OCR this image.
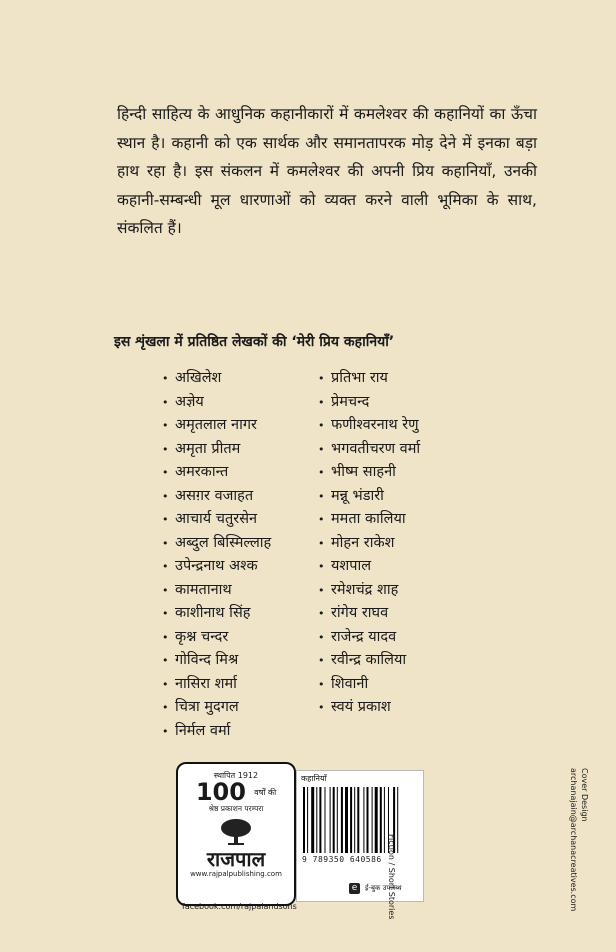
हिन्दी साहित्य के आधुनिक कहानीकारों में कमलेश्वर की कहानियों का ऊँचा स्थान है। कहानी को एक सार्थक और समानतापरक मोड़ देने में इनका बड़ा हाथ रहा है। इस संकलन में कमलेश्वर की अपनी प्रिय कहानियाँ, उनकी कहानी-सम्बन्धी मूल धारणाओं को व्यक्त करने वाली भूमिका के साथ, संकलित हैं।
इस शृंखला में प्रतिष्ठित लेखकों की ‘मेरी प्रिय कहानियाँ’
• अखिलेश
• अज्ञेय
• अमृतलाल नागर
• अमृता प्रीतम
• अमरकान्त
• असग़र वजाहत
• आचार्य चतुरसेन
• अब्दुल बिस्मिल्लाह
• उपेन्द्रनाथ अश्क
• कामतानाथ
• काशीनाथ सिंह
• कृश्न चन्दर
• गोविन्द मिश्र
• नासिरा शर्मा
• चित्रा मुदगल
• निर्मल वर्मा
• प्रतिभा राय
• प्रेमचन्द
• फणीश्वरनाथ रेणु
• भगवतीचरण वर्मा
• भीष्म साहनी
• मन्नू भंडारी
• ममता कालिया
• मोहन राकेश
• यशपाल
• रमेशचंद्र शाह
• रांगेय राघव
• राजेन्द्र यादव
• रवीन्द्र कालिया
• शिवानी
• स्वयं प्रकाश
स्थापित 1912
100 वर्षों की
श्रेष्ठ प्रकाशन परम्परा
राजपाल
www.rajpalpublishing.com
facebook.com/rajpalandsons
कहानियाँ
9 789350 640586
e	ई-बुक उपलब्ध
Fiction / Short Stories
Cover Design
archanajain@archanacreatives.com
